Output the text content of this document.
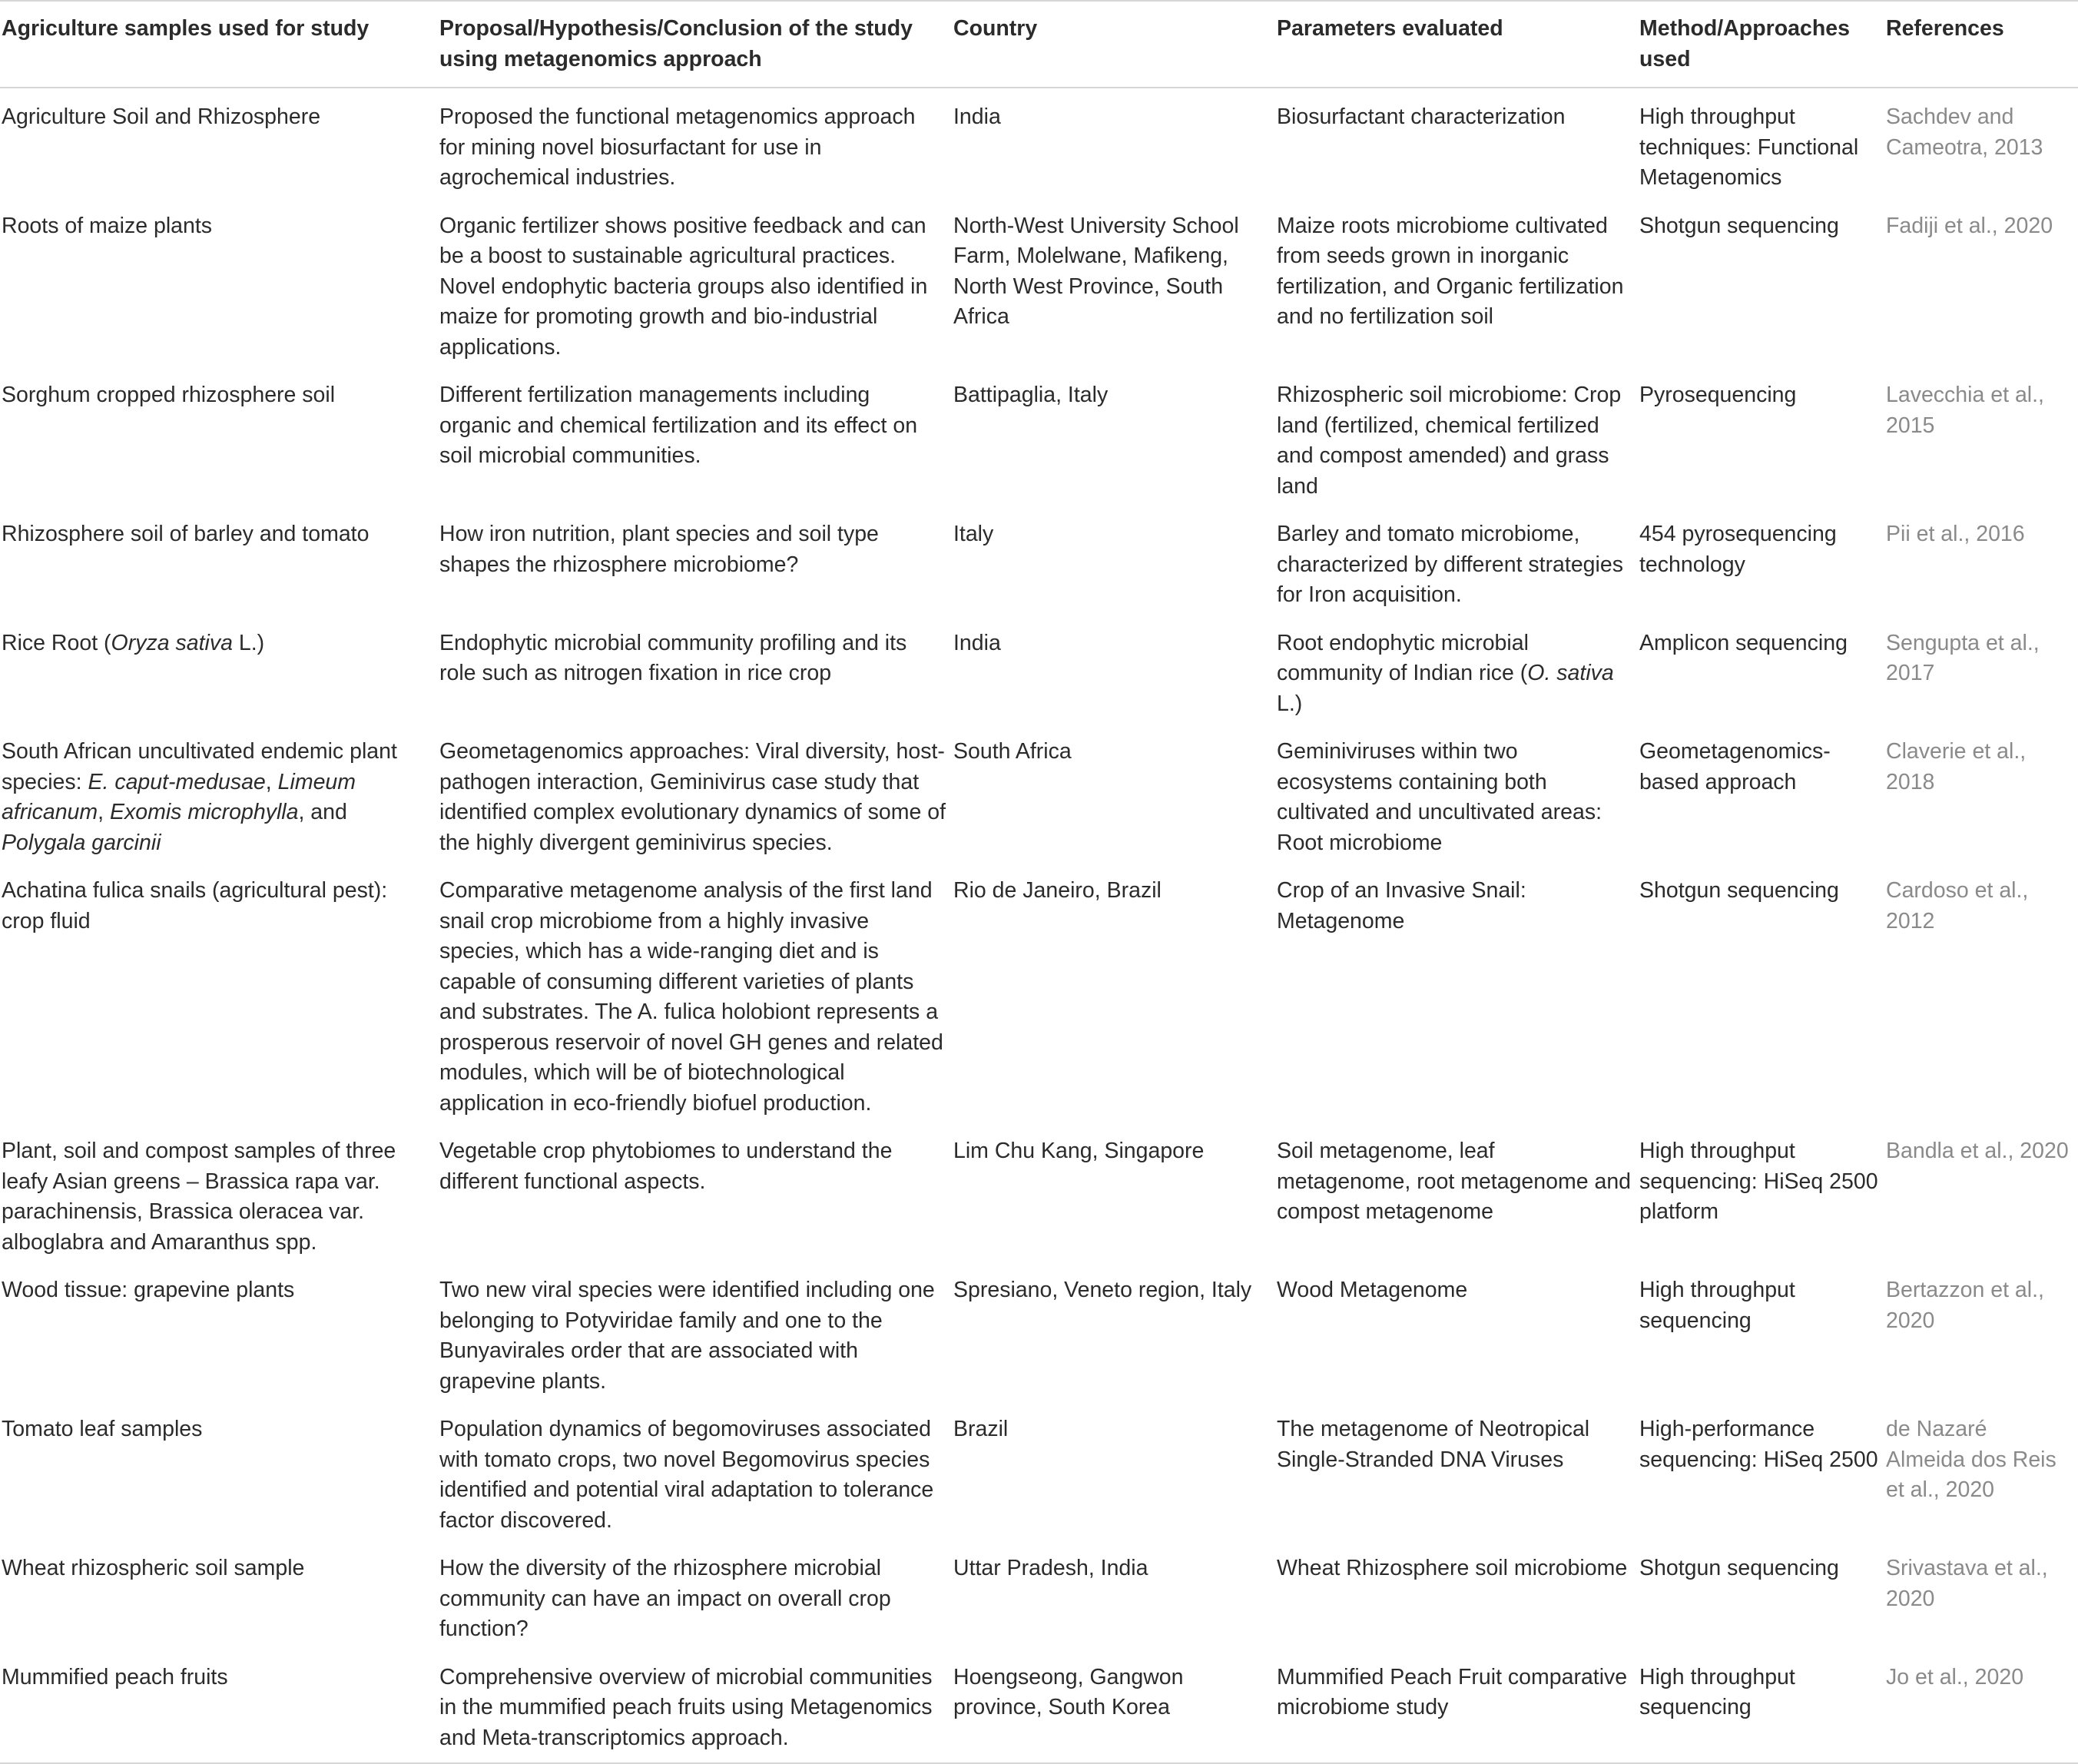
Agriculture samples used for study	Proposal/Hypothesis/Conclusion of the study using metagenomics approach	Country	Parameters evaluated	Method/Approaches used	References
Agriculture Soil and Rhizosphere	Proposed the functional metagenomics approach for mining novel biosurfactant for use in agrochemical industries.	India	Biosurfactant characterization	High throughput techniques: Functional Metagenomics	Sachdev and Cameotra, 2013
Roots of maize plants	Organic fertilizer shows positive feedback and can be a boost to sustainable agricultural practices. Novel endophytic bacteria groups also identified in maize for promoting growth and bio-industrial applications.	North-West University School Farm, Molelwane, Mafikeng, North West Province, South Africa	Maize roots microbiome cultivated from seeds grown in inorganic fertilization, and Organic fertilization and no fertilization soil	Shotgun sequencing	Fadiji et al., 2020
Sorghum cropped rhizosphere soil	Different fertilization managements including organic and chemical fertilization and its effect on soil microbial communities.	Battipaglia, Italy	Rhizospheric soil microbiome: Crop land (fertilized, chemical fertilized and compost amended) and grass land	Pyrosequencing	Lavecchia et al., 2015
Rhizosphere soil of barley and tomato	How iron nutrition, plant species and soil type shapes the rhizosphere microbiome?	Italy	Barley and tomato microbiome, characterized by different strategies for Iron acquisition.	454 pyrosequencing technology	Pii et al., 2016
Rice Root (Oryza sativa L.)	Endophytic microbial community profiling and its role such as nitrogen fixation in rice crop	India	Root endophytic microbial community of Indian rice (O. sativa L.)	Amplicon sequencing	Sengupta et al., 2017
South African uncultivated endemic plant species: E. caput-medusae, Limeum africanum, Exomis microphylla, and Polygala garcinii	Geometagenomics approaches: Viral diversity, host-pathogen interaction, Geminivirus case study that identified complex evolutionary dynamics of some of the highly divergent geminivirus species.	South Africa	Geminiviruses within two ecosystems containing both cultivated and uncultivated areas: Root microbiome	Geometagenomics-based approach	Claverie et al., 2018
Achatina fulica snails (agricultural pest): crop fluid	Comparative metagenome analysis of the first land snail crop microbiome from a highly invasive species, which has a wide-ranging diet and is capable of consuming different varieties of plants and substrates. The A. fulica holobiont represents a prosperous reservoir of novel GH genes and related modules, which will be of biotechnological application in eco-friendly biofuel production.	Rio de Janeiro, Brazil	Crop of an Invasive Snail: Metagenome	Shotgun sequencing	Cardoso et al., 2012
Plant, soil and compost samples of three leafy Asian greens – Brassica rapa var. parachinensis, Brassica oleracea var. alboglabra and Amaranthus spp.	Vegetable crop phytobiomes to understand the different functional aspects.	Lim Chu Kang, Singapore	Soil metagenome, leaf metagenome, root metagenome and compost metagenome	High throughput sequencing: HiSeq 2500 platform	Bandla et al., 2020
Wood tissue: grapevine plants	Two new viral species were identified including one belonging to Potyviridae family and one to the Bunyavirales order that are associated with grapevine plants.	Spresiano, Veneto region, Italy	Wood Metagenome	High throughput sequencing	Bertazzon et al., 2020
Tomato leaf samples	Population dynamics of begomoviruses associated with tomato crops, two novel Begomovirus species identified and potential viral adaptation to tolerance factor discovered.	Brazil	The metagenome of Neotropical Single-Stranded DNA Viruses	High-performance sequencing: HiSeq 2500	de Nazaré Almeida dos Reis et al., 2020
Wheat rhizospheric soil sample	How the diversity of the rhizosphere microbial community can have an impact on overall crop function?	Uttar Pradesh, India	Wheat Rhizosphere soil microbiome	Shotgun sequencing	Srivastava et al., 2020
Mummified peach fruits	Comprehensive overview of microbial communities in the mummified peach fruits using Metagenomics and Meta-transcriptomics approach.	Hoengseong, Gangwon province, South Korea	Mummified Peach Fruit comparative microbiome study	High throughput sequencing	Jo et al., 2020
